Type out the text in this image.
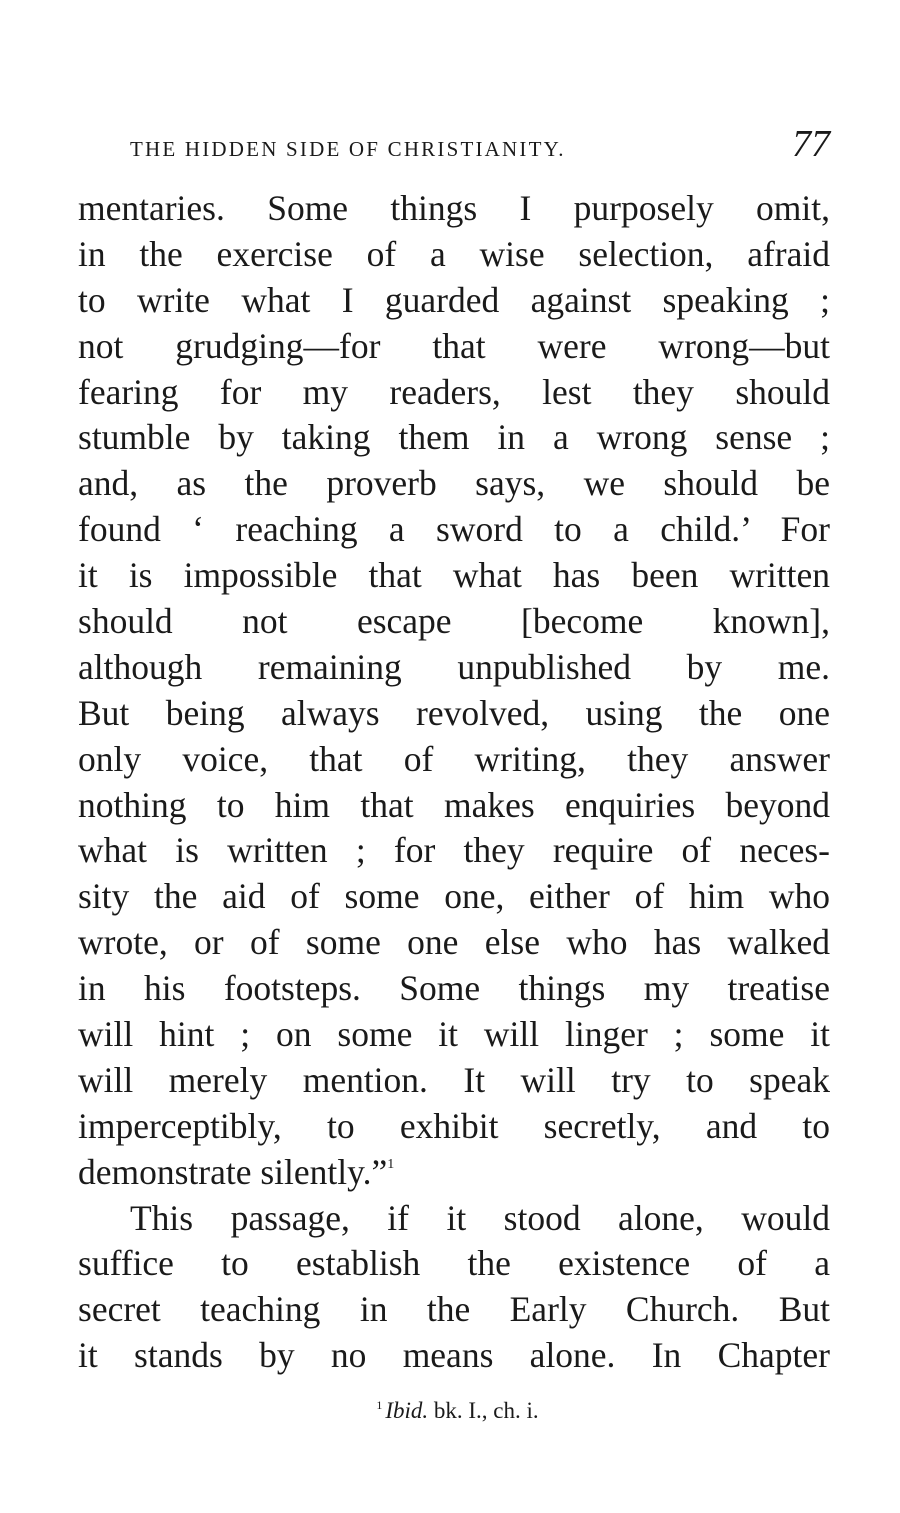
THE HIDDEN SIDE OF CHRISTIANITY.	77
mentaries. Some things I purposely omit,
in the exercise of a wise selection, afraid
to write what I guarded against speaking ;
not grudging—for that were wrong—but
fearing for my readers, lest they should
stumble by taking them in a wrong sense ;
and, as the proverb says, we should be
found ‘ reaching a sword to a child.’ For
it is impossible that what has been written
should not escape [become known],
although remaining unpublished by me.
But being always revolved, using the one
only voice, that of writing, they answer
nothing to him that makes enquiries beyond
what is written ; for they require of neces-
sity the aid of some one, either of him who
wrote, or of some one else who has walked
in his footsteps. Some things my treatise
will hint ; on some it will linger ; some it
will merely mention. It will try to speak
imperceptibly, to exhibit secretly, and to
demonstrate silently.”$^1$
This passage, if it stood alone, would
suffice to establish the existence of a
secret teaching in the Early Church. But
it stands by no means alone. In Chapter
$^1$ Ibid. bk. I., ch. i.
